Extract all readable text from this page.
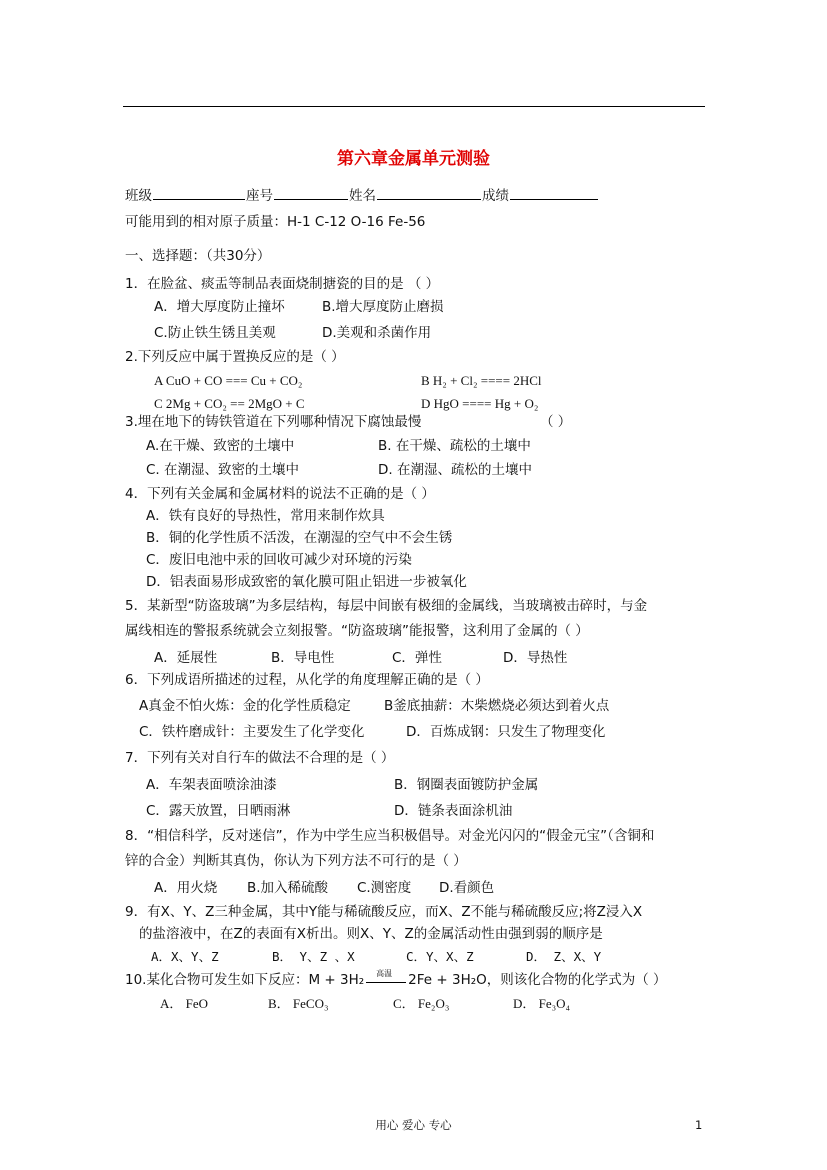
第六章金属单元测验
班级	座号	姓名	成绩
可能用到的相对原子质量：H-1 C-12 O-16 Fe-56
一、选择题：（共30分）
1．在脸盆、痰盂等制品表面烧制搪瓷的目的是 （ ）
A．增大厚度防止撞坏	B.增大厚度防止磨损
C.防止铁生锈且美观	D.美观和杀菌作用
2.下列反应中属于置换反应的是（ ）
A CuO + CO === Cu + CO₂	B H₂ + Cl₂ ==== 2HCl
C 2Mg + CO₂ == 2MgO + C	D HgO ==== Hg + O₂
3.埋在地下的铸铁管道在下列哪种情况下腐蚀最慢	（ ）
A.在干燥、致密的土壤中	B. 在干燥、疏松的土壤中
C. 在潮湿、致密的土壤中	D. 在潮湿、疏松的土壤中
4．下列有关金属和金属材料的说法不正确的是（ ）
A．铁有良好的导热性，常用来制作炊具
B．铜的化学性质不活泼，在潮湿的空气中不会生锈
C．废旧电池中汞的回收可减少对环境的污染
D．铝表面易形成致密的氧化膜可阻止铝进一步被氧化
5．某新型“防盗玻璃”为多层结构，每层中间嵌有极细的金属线，当玻璃被击碎时，与金
属线相连的警报系统就会立刻报警。“防盗玻璃”能报警，这利用了金属的（ ）
A．延展性	B．导电性	C．弹性	D．导热性
6．下列成语所描述的过程，从化学的角度理解正确的是（ ）
A真金不怕火炼：金的化学性质稳定 B釜底抽薪：木柴燃烧必须达到着火点
C．铁杵磨成针：主要发生了化学变化	D．百炼成钢：只发生了物理变化
7．下列有关对自行车的做法不合理的是（ ）
A．车架表面喷涂油漆	B．钢圈表面镀防护金属
C．露天放置，日晒雨淋	D．链条表面涂机油
8．“相信科学，反对迷信”，作为中学生应当积极倡导。对金光闪闪的“假金元宝”（含铜和
锌的合金）判断其真伪，你认为下列方法不可行的是（ ）
A．用火烧 B.加入稀硫酸 C.测密度 D.看颜色
9．有X、Y、Z三种金属，其中Y能与稀硫酸反应，而X、Z不能与稀硫酸反应;将Z浸入X
的盐溶液中，在Z的表面有X析出。则X、Y、Z的金属活动性由强到弱的顺序是
A．X、Y、Z	B． Y、Z 、X	C．Y、X、Z	D． Z、X、Y
10.某化合物可发生如下反应：M + 3H₂ 高温 2Fe + 3H₂O，则该化合物的化学式为（ ）
A． FeO	B． FeCO₃	C． Fe₂O₃	D． Fe₃O₄
用心 爱心 专心	1
